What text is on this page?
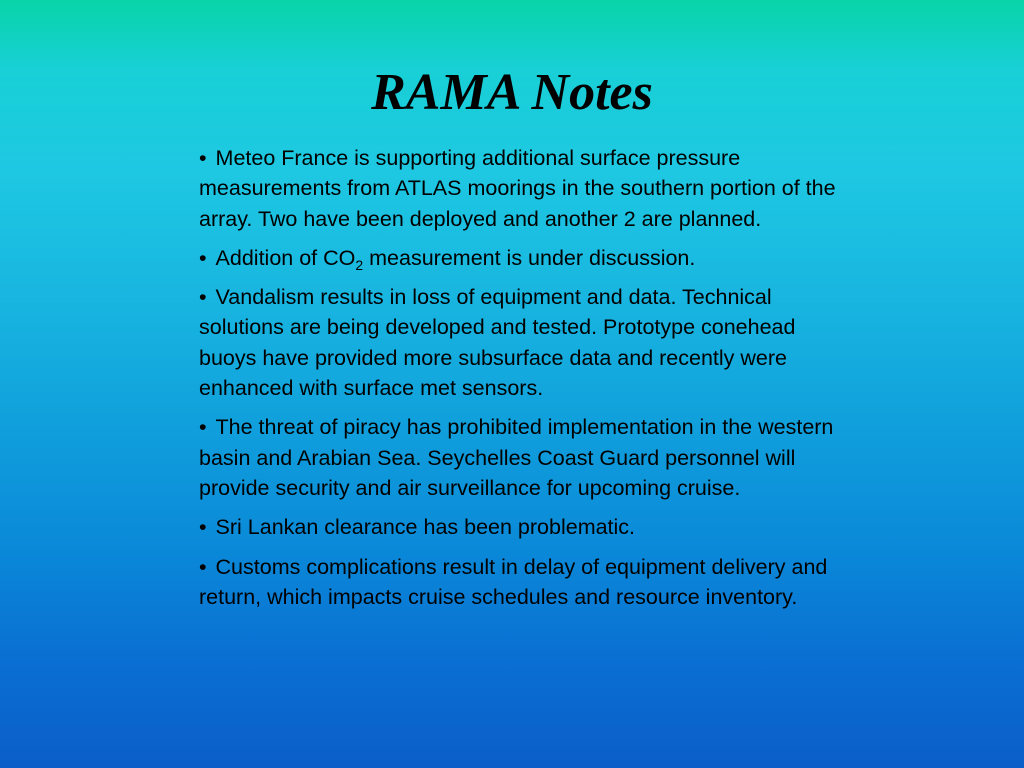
RAMA Notes

• Meteo France is supporting additional surface pressure measurements from ATLAS moorings in the southern portion of the array. Two have been deployed and another 2 are planned.

• Addition of $CO_2$ measurement is under discussion.

• Vandalism results in loss of equipment and data. Technical solutions are being developed and tested. Prototype conehead buoys have provided more subsurface data and recently were enhanced with surface met sensors.

• The threat of piracy has prohibited implementation in the western basin and Arabian Sea. Seychelles Coast Guard personnel will provide security and air surveillance for upcoming cruise.

• Sri Lankan clearance has been problematic.

• Customs complications result in delay of equipment delivery and return, which impacts cruise schedules and resource inventory.
